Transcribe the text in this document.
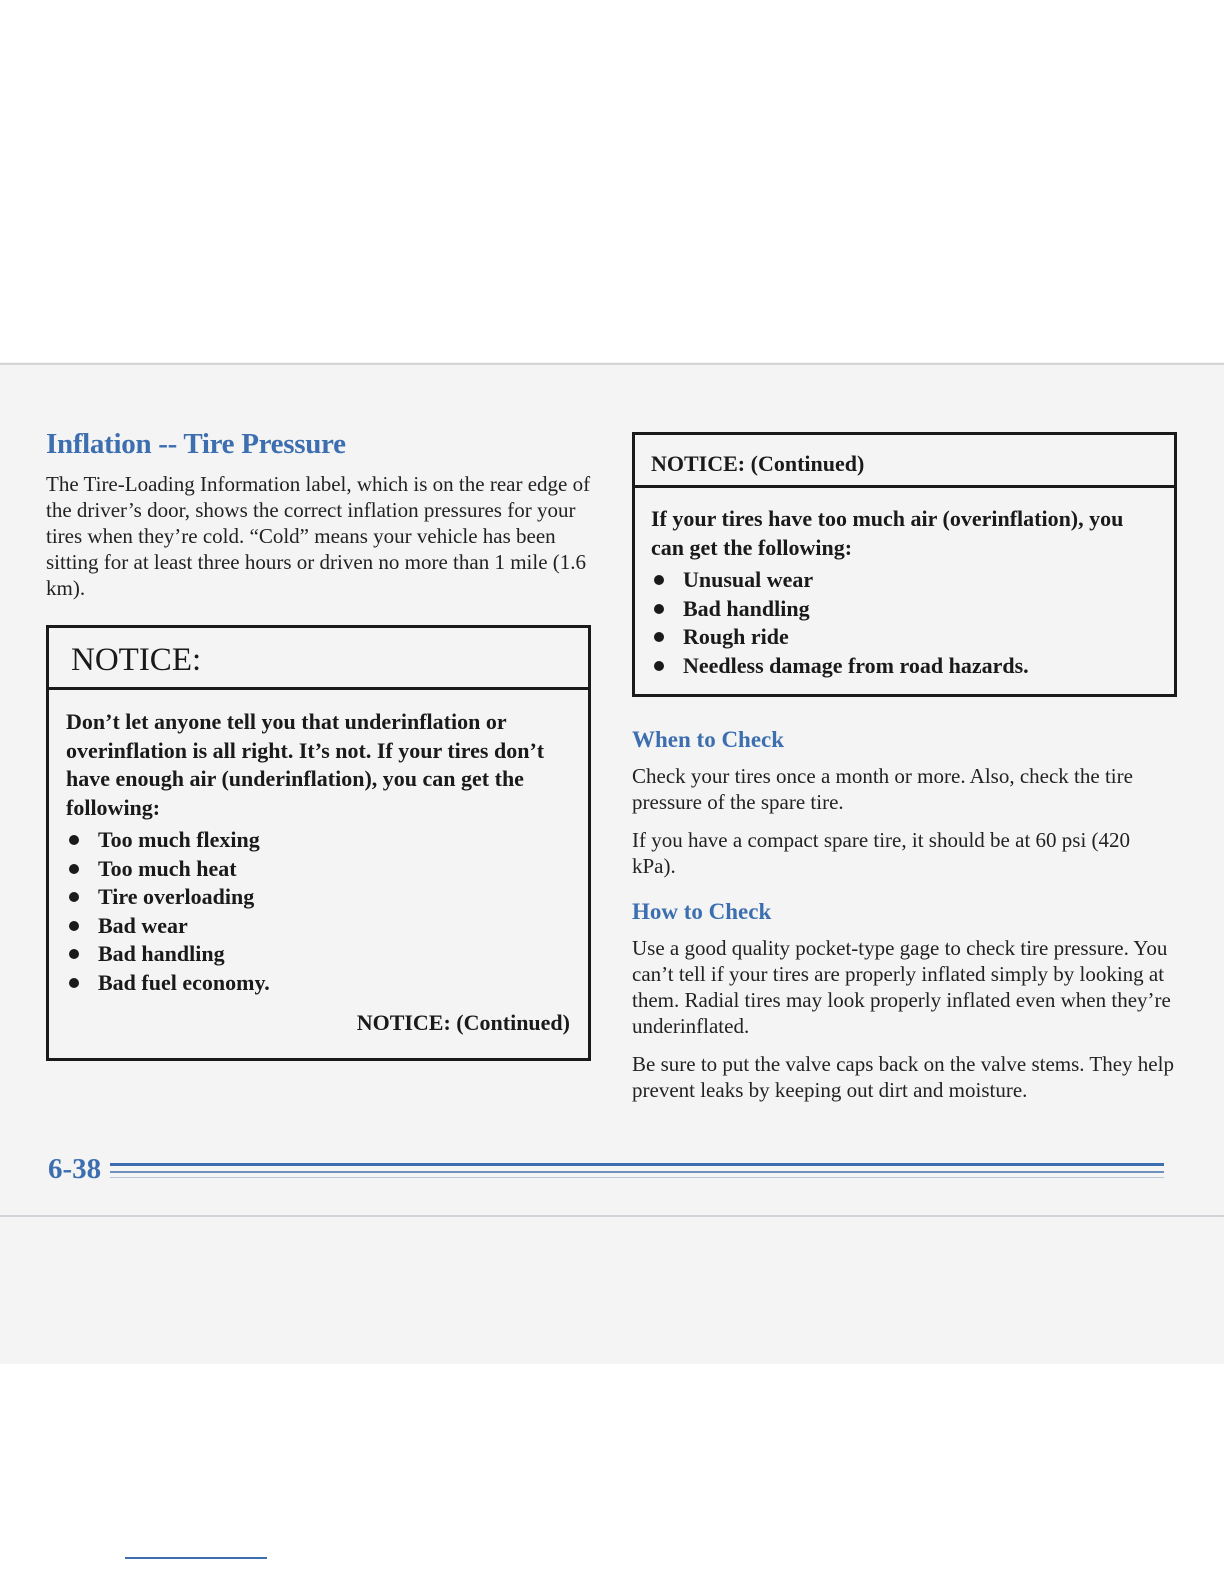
Inflation -- Tire Pressure

The Tire-Loading Information label, which is on the rear edge of the driver’s door, shows the correct inflation pressures for your tires when they’re cold. “Cold” means your vehicle has been sitting for at least three hours or driven no more than 1 mile (1.6 km).

NOTICE:

Don’t let anyone tell you that underinflation or overinflation is all right. It’s not. If your tires don’t have enough air (underinflation), you can get the following:

Too much flexing
Too much heat
Tire overloading
Bad wear
Bad handling
Bad fuel economy.
NOTICE: (Continued)
NOTICE: (Continued)

If your tires have too much air (overinflation), you can get the following:

Unusual wear
Bad handling
Rough ride
Needless damage from road hazards.
When to Check

Check your tires once a month or more. Also, check the tire pressure of the spare tire.

If you have a compact spare tire, it should be at 60 psi (420 kPa).

How to Check

Use a good quality pocket-type gage to check tire pressure. You can’t tell if your tires are properly inflated simply by looking at them. Radial tires may look properly inflated even when they’re underinflated.

Be sure to put the valve caps back on the valve stems. They help prevent leaks by keeping out dirt and moisture.

6-38
